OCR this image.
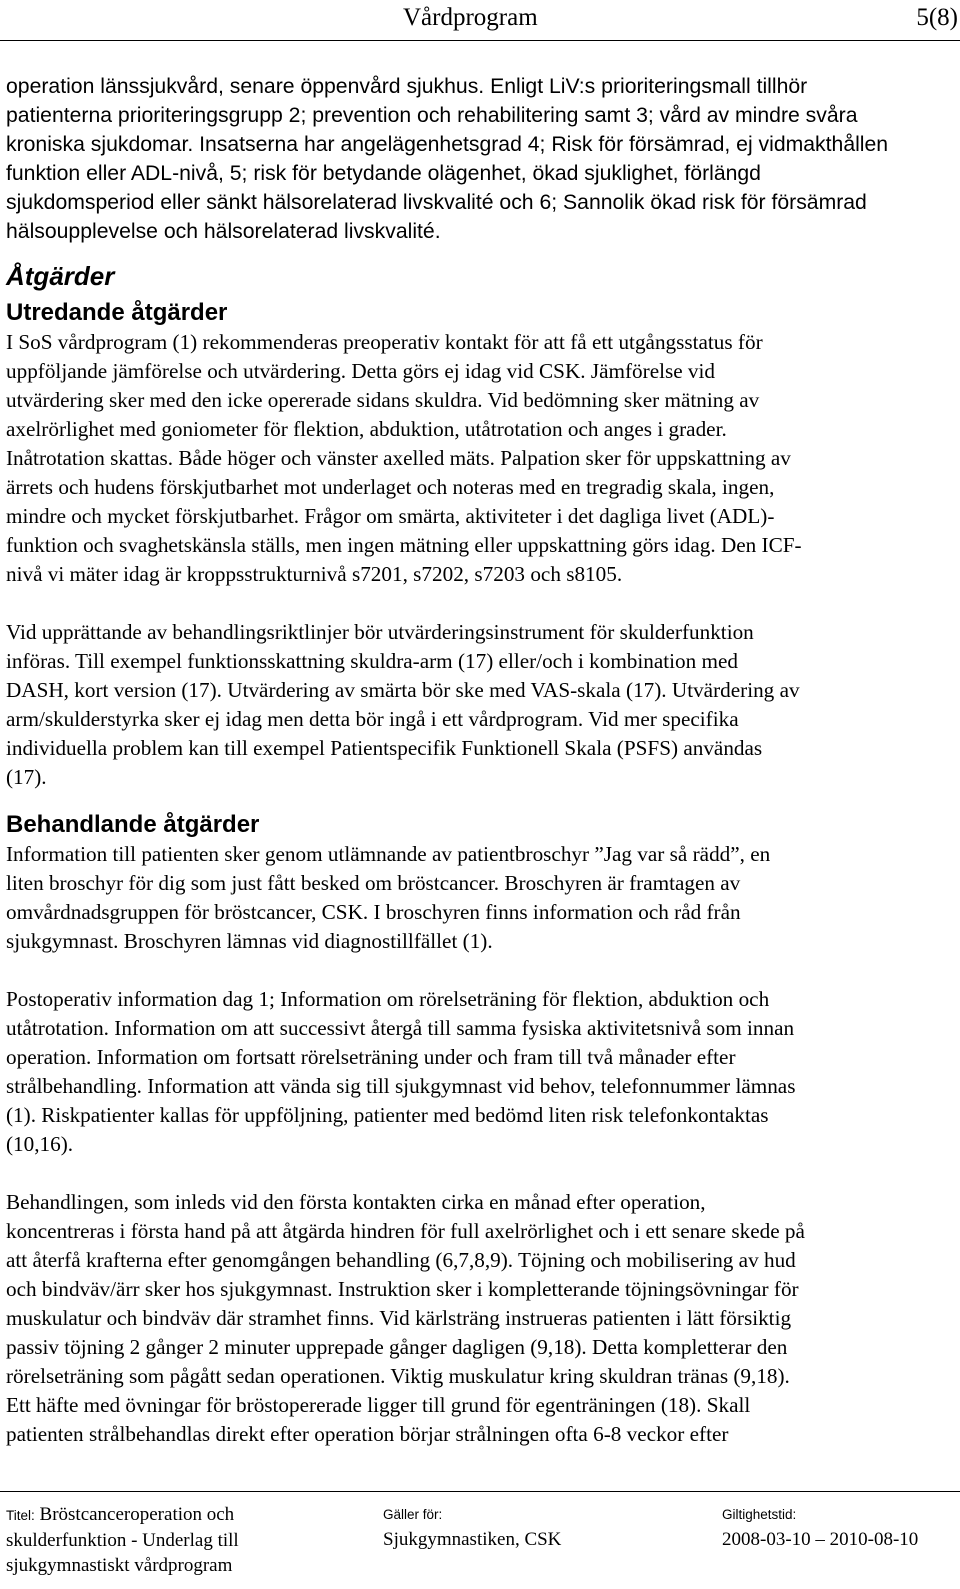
Vårdprogram	5(8)

operation länssjukvård, senare öppenvård sjukhus. Enligt LiV:s prioriteringsmall tillhör

patienterna prioriteringsgrupp 2; prevention och rehabilitering samt 3; vård av mindre svåra

kroniska sjukdomar. Insatserna har angelägenhetsgrad 4; Risk för försämrad, ej vidmakthållen

funktion eller ADL-nivå, 5; risk för betydande olägenhet, ökad sjuklighet, förlängd

sjukdomsperiod eller sänkt hälsorelaterad livskvalité och 6; Sannolik ökad risk för försämrad

hälsoupplevelse och hälsorelaterad livskvalité.

Åtgärder
Utredande åtgärder

I SoS vårdprogram (1) rekommenderas preoperativ kontakt för att få ett utgångsstatus för

uppföljande jämförelse och utvärdering. Detta görs ej idag vid CSK. Jämförelse vid

utvärdering sker med den icke opererade sidans skuldra. Vid bedömning sker mätning av

axelrörlighet med goniometer för flektion, abduktion, utåtrotation och anges i grader.

Inåtrotation skattas. Både höger och vänster axelled mäts. Palpation sker för uppskattning av

ärrets och hudens förskjutbarhet mot underlaget och noteras med en tregradig skala, ingen,

mindre och mycket förskjutbarhet. Frågor om smärta, aktiviteter i det dagliga livet (ADL)-

funktion och svaghetskänsla ställs, men ingen mätning eller uppskattning görs idag. Den ICF-

nivå vi mäter idag är kroppsstrukturnivå s7201, s7202, s7203 och s8105.

Vid upprättande av behandlingsriktlinjer bör utvärderingsinstrument för skulderfunktion

införas. Till exempel funktionsskattning skuldra-arm (17) eller/och i kombination med

DASH, kort version (17). Utvärdering av smärta bör ske med VAS-skala (17). Utvärdering av

arm/skulderstyrka sker ej idag men detta bör ingå i ett vårdprogram. Vid mer specifika

individuella problem kan till exempel Patientspecifik Funktionell Skala (PSFS) användas

(17).

Behandlande åtgärder

Information till patienten sker genom utlämnande av patientbroschyr ”Jag var så rädd”, en

liten broschyr för dig som just fått besked om bröstcancer. Broschyren är framtagen av

omvårdnadsgruppen för bröstcancer, CSK. I broschyren finns information och råd från

sjukgymnast. Broschyren lämnas vid diagnostillfället (1).

Postoperativ information dag 1; Information om rörelseträning för flektion, abduktion och

utåtrotation. Information om att successivt återgå till samma fysiska aktivitetsnivå som innan

operation. Information om fortsatt rörelseträning under och fram till två månader efter

strålbehandling. Information att vända sig till sjukgymnast vid behov, telefonnummer lämnas

(1). Riskpatienter kallas för uppföljning, patienter med bedömd liten risk telefonkontaktas

(10,16).

Behandlingen, som inleds vid den första kontakten cirka en månad efter operation,

koncentreras i första hand på att åtgärda hindren för full axelrörlighet och i ett senare skede på

att återfå krafterna efter genomgången behandling (6,7,8,9). Töjning och mobilisering av hud

och bindväv/ärr sker hos sjukgymnast. Instruktion sker i kompletterande töjningsövningar för

muskulatur och bindväv där stramhet finns. Vid kärlsträng instrueras patienten i lätt försiktig

passiv töjning 2 gånger 2 minuter upprepade gånger dagligen (9,18). Detta kompletterar den

rörelseträning som pågått sedan operationen. Viktig muskulatur kring skuldran tränas (9,18).

Ett häfte med övningar för bröstopererade ligger till grund för egenträningen (18). Skall

patienten strålbehandlas direkt efter operation börjar strålningen ofta 6-8 veckor efter

Titel: Bröstcanceroperation och
skulderfunktion - Underlag till
sjukgymnastiskt vårdprogram
Gäller för:
Sjukgymnastiken, CSK
Giltighetstid:
2008-03-10 – 2010-08-10
